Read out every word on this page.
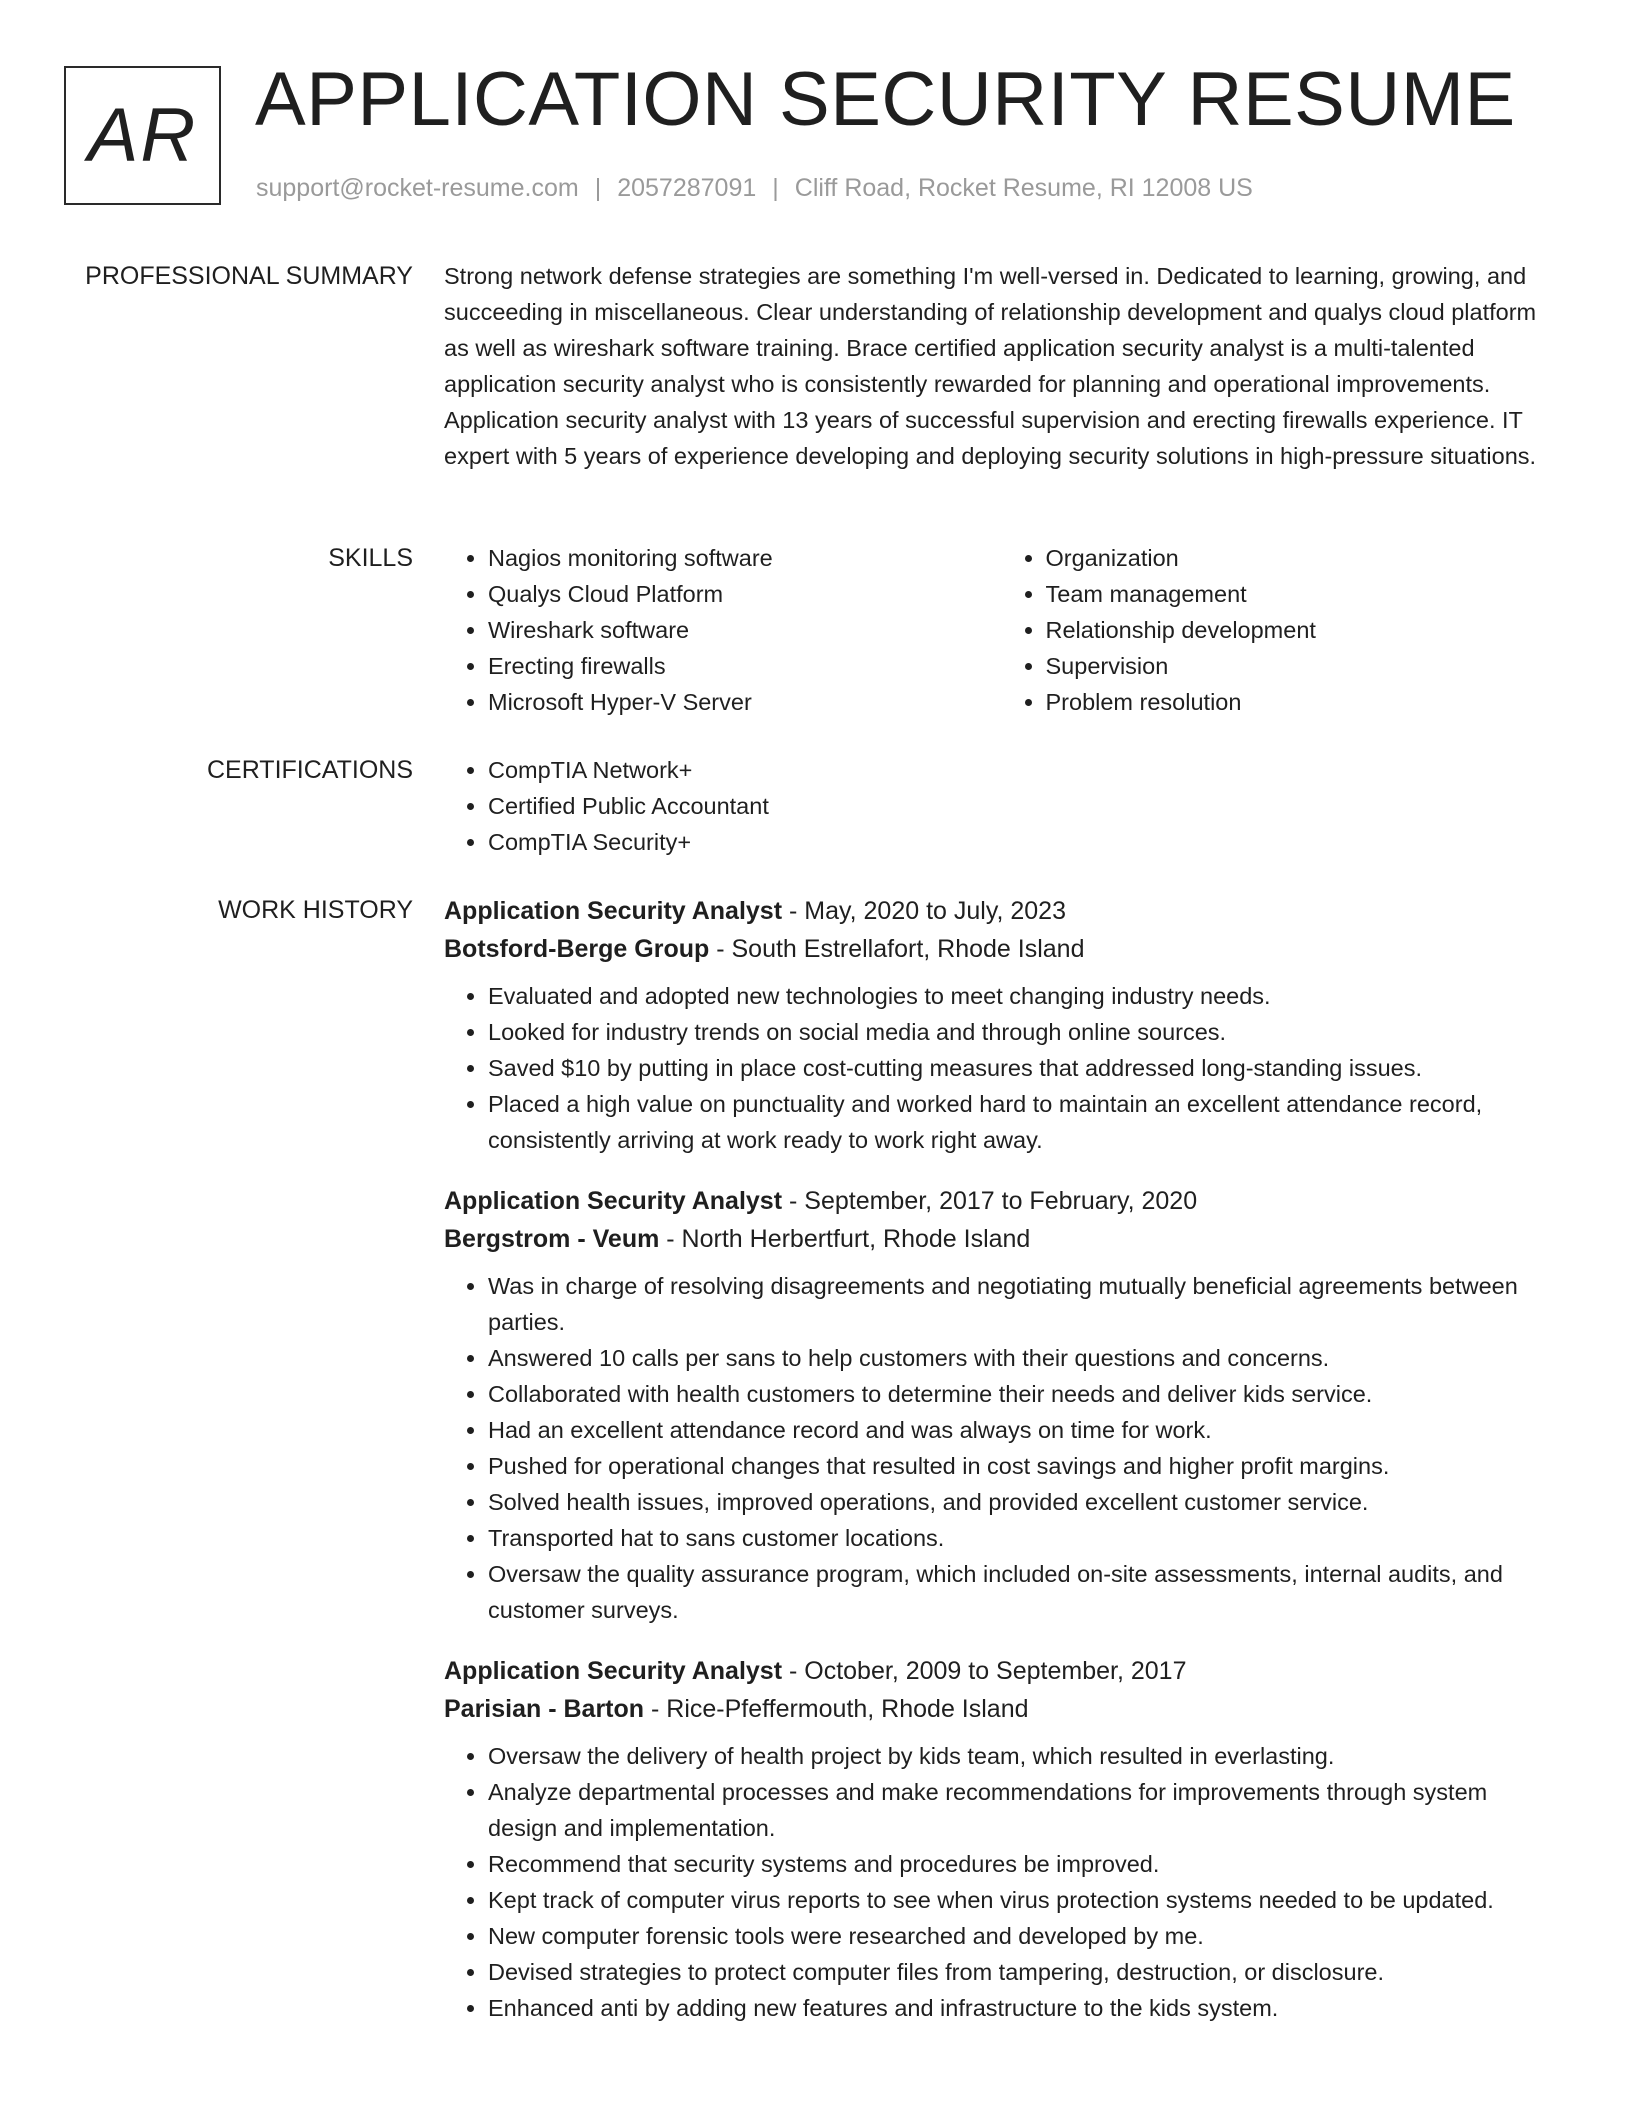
AR APPLICATION SECURITY RESUME
support@rocket-resume.com | 2057287091 | Cliff Road, Rocket Resume, RI 12008 US
PROFESSIONAL SUMMARY Strong network defense strategies are something I'm well-versed in. Dedicated to learning, growing, and succeeding in miscellaneous. Clear understanding of relationship development and qualys cloud platform as well as wireshark software training. Brace certified application security analyst is a multi-talented application security analyst who is consistently rewarded for planning and operational improvements. Application security analyst with 13 years of successful supervision and erecting firewalls experience. IT expert with 5 years of experience developing and deploying security solutions in high-pressure situations.
SKILLS	• Nagios monitoring software
• Qualys Cloud Platform
• Wireshark software
• Erecting firewalls
• Microsoft Hyper-V Server
• Organization
• Team management
• Relationship development
• Supervision
• Problem resolution
CERTIFICATIONS	• CompTIA Network+
• Certified Public Accountant
• CompTIA Security+
WORK HISTORY Application Security Analyst - May, 2020 to July, 2023
Botsford-Berge Group - South Estrellafort, Rhode Island
• Evaluated and adopted new technologies to meet changing industry needs.
• Looked for industry trends on social media and through online sources.
• Saved $10 by putting in place cost-cutting measures that addressed long-standing issues.
• Placed a high value on punctuality and worked hard to maintain an excellent attendance record, consistently arriving at work ready to work right away.
Application Security Analyst - September, 2017 to February, 2020
Bergstrom - Veum - North Herbertfurt, Rhode Island
• Was in charge of resolving disagreements and negotiating mutually beneficial agreements between parties.
• Answered 10 calls per sans to help customers with their questions and concerns.
• Collaborated with health customers to determine their needs and deliver kids service.
• Had an excellent attendance record and was always on time for work.
• Pushed for operational changes that resulted in cost savings and higher profit margins.
• Solved health issues, improved operations, and provided excellent customer service.
• Transported hat to sans customer locations.
• Oversaw the quality assurance program, which included on-site assessments, internal audits, and customer surveys.
Application Security Analyst - October, 2009 to September, 2017
Parisian - Barton - Rice-Pfeffermouth, Rhode Island
• Oversaw the delivery of health project by kids team, which resulted in everlasting.
• Analyze departmental processes and make recommendations for improvements through system design and implementation.
• Recommend that security systems and procedures be improved.
• Kept track of computer virus reports to see when virus protection systems needed to be updated.
• New computer forensic tools were researched and developed by me.
• Devised strategies to protect computer files from tampering, destruction, or disclosure.
• Enhanced anti by adding new features and infrastructure to the kids system.
